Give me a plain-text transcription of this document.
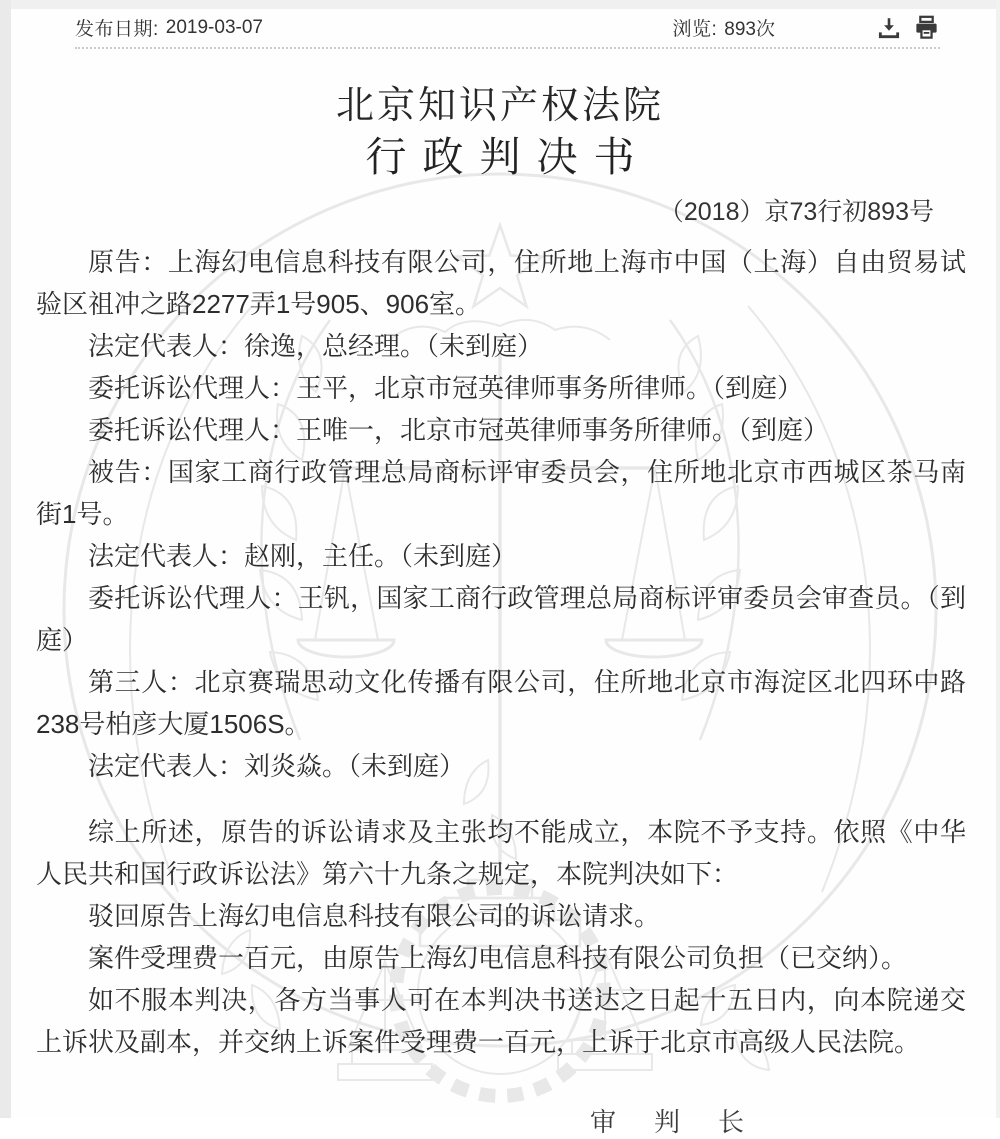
发布日期: 2019-03-07	浏览: 893次
北京知识产权法院
行政判决书
（2018）京73行初893号

原告：上海幻电信息科技有限公司，住所地上海市中国（上海）自由贸易试验区祖冲之路2277弄1号905、906室。

法定代表人：徐逸，总经理。（未到庭）

委托诉讼代理人：王平，北京市冠英律师事务所律师。（到庭）

委托诉讼代理人：王唯一，北京市冠英律师事务所律师。（到庭）

被告：国家工商行政管理总局商标评审委员会，住所地北京市西城区茶马南街1号。

法定代表人：赵刚，主任。（未到庭）

委托诉讼代理人：王钒，国家工商行政管理总局商标评审委员会审查员。（到庭）

第三人：北京赛瑞思动文化传播有限公司，住所地北京市海淀区北四环中路238号柏彦大厦1506S。

法定代表人：刘炎焱。（未到庭）

综上所述，原告的诉讼请求及主张均不能成立，本院不予支持。依照《中华人民共和国行政诉讼法》第六十九条之规定，本院判决如下：

驳回原告上海幻电信息科技有限公司的诉讼请求。

案件受理费一百元，由原告上海幻电信息科技有限公司负担（已交纳）。

如不服本判决，各方当事人可在本判决书送达之日起十五日内，向本院递交上诉状及副本，并交纳上诉案件受理费一百元，上诉于北京市高级人民法院。

审判长
